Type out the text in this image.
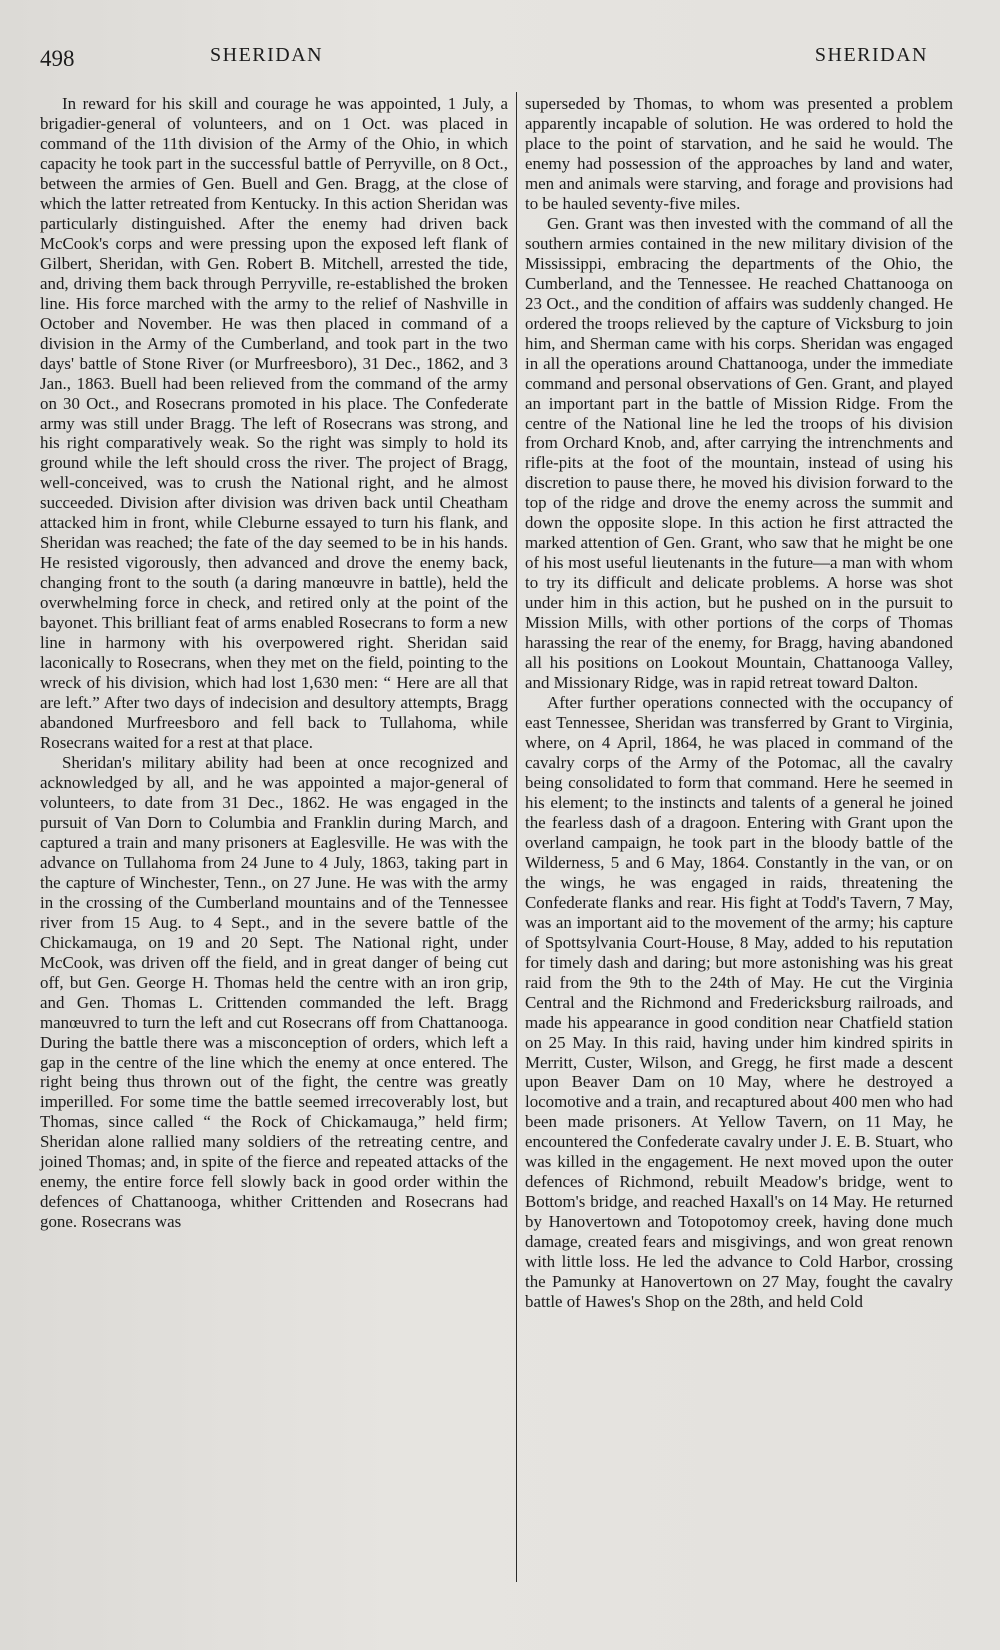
498	SHERIDAN	SHERIDAN

In reward for his skill and courage he was appointed, 1 July, a brigadier-general of volunteers, and on 1 Oct. was placed in command of the 11th division of the Army of the Ohio, in which capacity he took part in the successful battle of Perryville, on 8 Oct., between the armies of Gen. Buell and Gen. Bragg, at the close of which the latter retreated from Kentucky. In this action Sheridan was particularly distinguished. After the enemy had driven back McCook's corps and were pressing upon the exposed left flank of Gilbert, Sheridan, with Gen. Robert B. Mitchell, arrested the tide, and, driving them back through Perryville, re-established the broken line. His force marched with the army to the relief of Nashville in October and November. He was then placed in command of a division in the Army of the Cumberland, and took part in the two days' battle of Stone River (or Murfreesboro), 31 Dec., 1862, and 3 Jan., 1863. Buell had been relieved from the command of the army on 30 Oct., and Rosecrans promoted in his place. The Confederate army was still under Bragg. The left of Rosecrans was strong, and his right comparatively weak. So the right was simply to hold its ground while the left should cross the river. The project of Bragg, well-conceived, was to crush the National right, and he almost succeeded. Division after division was driven back until Cheatham attacked him in front, while Cleburne essayed to turn his flank, and Sheridan was reached; the fate of the day seemed to be in his hands. He resisted vigorously, then advanced and drove the enemy back, changing front to the south (a daring manœuvre in battle), held the overwhelming force in check, and retired only at the point of the bayonet. This brilliant feat of arms enabled Rosecrans to form a new line in harmony with his overpowered right. Sheridan said laconically to Rosecrans, when they met on the field, pointing to the wreck of his division, which had lost 1,630 men: “ Here are all that are left.” After two days of indecision and desultory attempts, Bragg abandoned Murfreesboro and fell back to Tullahoma, while Rosecrans waited for a rest at that place.

Sheridan's military ability had been at once recognized and acknowledged by all, and he was appointed a major-general of volunteers, to date from 31 Dec., 1862. He was engaged in the pursuit of Van Dorn to Columbia and Franklin during March, and captured a train and many prisoners at Eaglesville. He was with the advance on Tullahoma from 24 June to 4 July, 1863, taking part in the capture of Winchester, Tenn., on 27 June. He was with the army in the crossing of the Cumberland mountains and of the Tennessee river from 15 Aug. to 4 Sept., and in the severe battle of the Chickamauga, on 19 and 20 Sept. The National right, under McCook, was driven off the field, and in great danger of being cut off, but Gen. George H. Thomas held the centre with an iron grip, and Gen. Thomas L. Crittenden commanded the left. Bragg manœuvred to turn the left and cut Rosecrans off from Chattanooga. During the battle there was a misconception of orders, which left a gap in the centre of the line which the enemy at once entered. The right being thus thrown out of the fight, the centre was greatly imperilled. For some time the battle seemed irrecoverably lost, but Thomas, since called “ the Rock of Chickamauga,” held firm; Sheridan alone rallied many soldiers of the retreating centre, and joined Thomas; and, in spite of the fierce and repeated attacks of the enemy, the entire force fell slowly back in good order within the defences of Chattanooga, whither Crittenden and Rosecrans had gone. Rosecrans was

superseded by Thomas, to whom was presented a problem apparently incapable of solution. He was ordered to hold the place to the point of starvation, and he said he would. The enemy had possession of the approaches by land and water, men and animals were starving, and forage and provisions had to be hauled seventy-five miles.

Gen. Grant was then invested with the command of all the southern armies contained in the new military division of the Mississippi, embracing the departments of the Ohio, the Cumberland, and the Tennessee. He reached Chattanooga on 23 Oct., and the condition of affairs was suddenly changed. He ordered the troops relieved by the capture of Vicksburg to join him, and Sherman came with his corps. Sheridan was engaged in all the operations around Chattanooga, under the immediate command and personal observations of Gen. Grant, and played an important part in the battle of Mission Ridge. From the centre of the National line he led the troops of his division from Orchard Knob, and, after carrying the intrenchments and rifle-pits at the foot of the mountain, instead of using his discretion to pause there, he moved his division forward to the top of the ridge and drove the enemy across the summit and down the opposite slope. In this action he first attracted the marked attention of Gen. Grant, who saw that he might be one of his most useful lieutenants in the future—a man with whom to try its difficult and delicate problems. A horse was shot under him in this action, but he pushed on in the pursuit to Mission Mills, with other portions of the corps of Thomas harassing the rear of the enemy, for Bragg, having abandoned all his positions on Lookout Mountain, Chattanooga Valley, and Missionary Ridge, was in rapid retreat toward Dalton.

After further operations connected with the occupancy of east Tennessee, Sheridan was transferred by Grant to Virginia, where, on 4 April, 1864, he was placed in command of the cavalry corps of the Army of the Potomac, all the cavalry being consolidated to form that command. Here he seemed in his element; to the instincts and talents of a general he joined the fearless dash of a dragoon. Entering with Grant upon the overland campaign, he took part in the bloody battle of the Wilderness, 5 and 6 May, 1864. Constantly in the van, or on the wings, he was engaged in raids, threatening the Confederate flanks and rear. His fight at Todd's Tavern, 7 May, was an important aid to the movement of the army; his capture of Spottsylvania Court-House, 8 May, added to his reputation for timely dash and daring; but more astonishing was his great raid from the 9th to the 24th of May. He cut the Virginia Central and the Richmond and Fredericksburg railroads, and made his appearance in good condition near Chatfield station on 25 May. In this raid, having under him kindred spirits in Merritt, Custer, Wilson, and Gregg, he first made a descent upon Beaver Dam on 10 May, where he destroyed a locomotive and a train, and recaptured about 400 men who had been made prisoners. At Yellow Tavern, on 11 May, he encountered the Confederate cavalry under J. E. B. Stuart, who was killed in the engagement. He next moved upon the outer defences of Richmond, rebuilt Meadow's bridge, went to Bottom's bridge, and reached Haxall's on 14 May. He returned by Hanovertown and Totopotomoy creek, having done much damage, created fears and misgivings, and won great renown with little loss. He led the advance to Cold Harbor, crossing the Pamunky at Hanovertown on 27 May, fought the cavalry battle of Hawes's Shop on the 28th, and held Cold
